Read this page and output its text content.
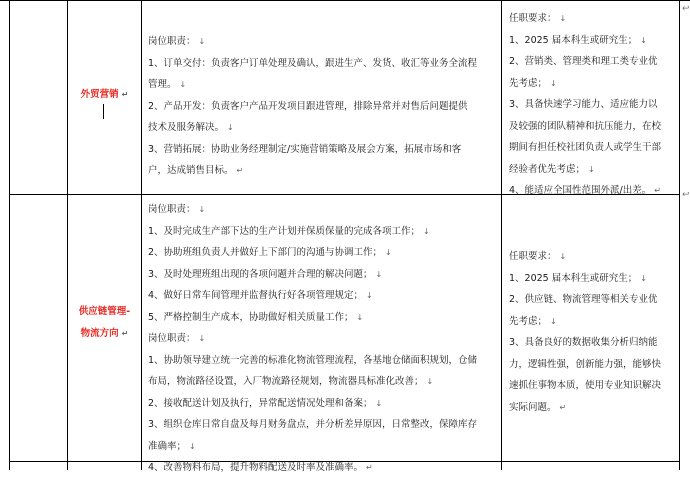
外贸营销 ↵

岗位职责： ↓

1、订单交付：负责客户订单处理及确认，跟进生产、发货、收汇等业务全流程

管理。 ↓

2、产品开发：负责客户产品开发项目跟进管理，排除异常并对售后问题提供

技术及服务解决。 ↓

3、营销拓展：协助业务经理制定/实施营销策略及展会方案，拓展市场和客

户，达成销售目标。 ↵

任职要求： ↓

1、2025 届本科生或研究生； ↓

2、营销类、管理类和理工类专业优

先考虑； ↓

3、具备快速学习能力、适应能力以

及较强的团队精神和抗压能力，在校

期间有担任校社团负责人或学生干部

经验者优先考虑； ↓

4、能适应全国性范围外派/出差。 ↵

↩

供应链管理-

物流方向 ↵

岗位职责： ↓

1、及时完成生产部下达的生产计划并保质保量的完成各项工作； ↓

2、协助班组负责人并做好上下部门的沟通与协调工作； ↓

3、及时处理班组出现的各项问题并合理的解决问题； ↓

4、做好日常车间管理并监督执行好各项管理规定； ↓

5、严格控制生产成本，协助做好相关质量工作； ↓

岗位职责： ↓

1、协助领导建立统一完善的标准化物流管理流程，各基地仓储面积规划，仓储

布局，物流路径设置，入厂物流路径规划，物流器具标准化改善； ↓

2、接收配送计划及执行，异常配送情况处理和备案； ↓

3、组织仓库日常自盘及每月财务盘点，并分析差异原因，日常整改，保障库存

准确率； ↓

4、改善物料布局，提升物料配送及时率及准确率。 ↵

任职要求： ↓

1、2025 届本科生或研究生； ↓

2、供应链、物流管理等相关专业优

先考虑； ↓

3、具备良好的数据收集分析归纳能

力，逻辑性强，创新能力强，能够快

速抓住事物本质，使用专业知识解决

实际问题。 ↵

↩
